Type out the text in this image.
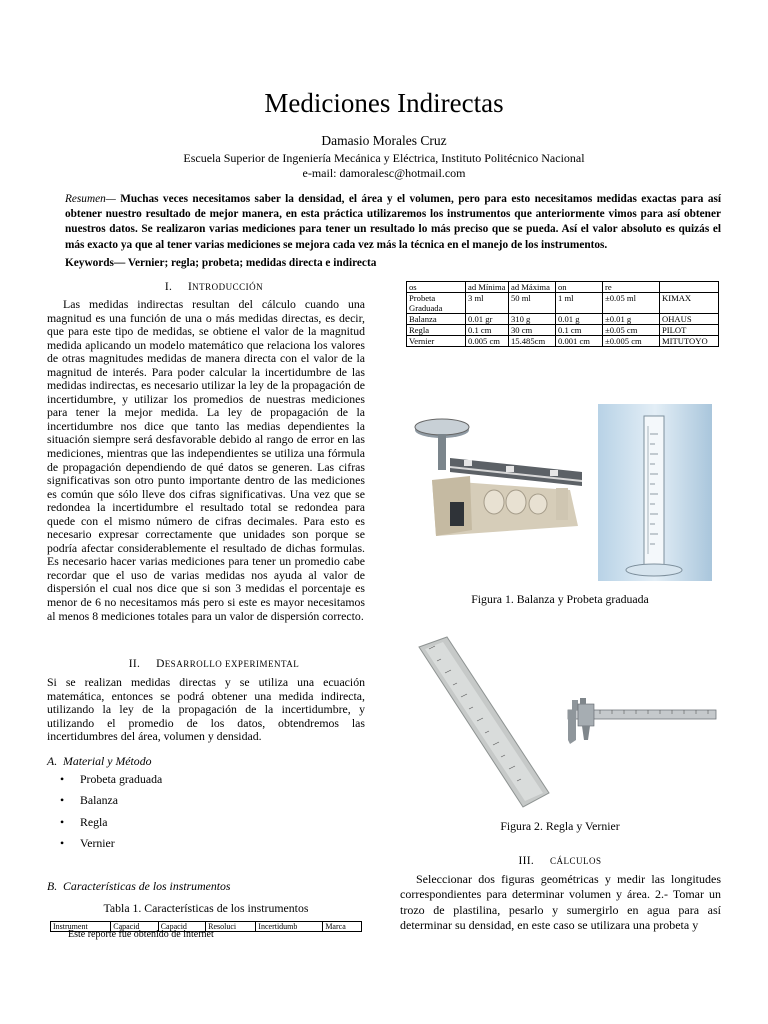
Mediciones Indirectas
Damasio Morales Cruz
Escuela Superior de Ingeniería Mecánica y Eléctrica, Instituto Politécnico Nacional
e-mail: damoralesc@hotmail.com
Resumen— Muchas veces necesitamos saber la densidad, el área y el volumen, pero para esto necesitamos medidas exactas para así obtener nuestro resultado de mejor manera, en esta práctica utilizaremos los instrumentos que anteriormente vimos para así obtener nuestros datos. Se realizaron varias mediciones para tener un resultado lo más preciso que se pueda. Así el valor absoluto es quizás el más exacto ya que al tener varias mediciones se mejora cada vez más la técnica en el manejo de los instrumentos.
Keywords— Vernier; regla; probeta; medidas directa e indirecta
I. INTRODUCCIÓN

Las medidas indirectas resultan del cálculo cuando una magnitud es una función de una o más medidas directas, es decir, que para este tipo de medidas, se obtiene el valor de la magnitud medida aplicando un modelo matemático que relaciona los valores de otras magnitudes medidas de manera directa con el valor de la magnitud de interés. Para poder calcular la incertidumbre de las medidas indirectas, es necesario utilizar la ley de la propagación de incertidumbre, y utilizar los promedios de nuestras mediciones para tener la mejor medida. La ley de propagación de la incertidumbre nos dice que tanto las medias dependientes la situación siempre será desfavorable debido al rango de error en las mediciones, mientras que las independientes se utiliza una fórmula de propagación dependiendo de qué datos se generen. Las cifras significativas son otro punto importante dentro de las mediciones es común que sólo lleve dos cifras significativas. Una vez que se redondea la incertidumbre el resultado total se redondea para quede con el mismo número de cifras decimales. Para esto es necesario expresar correctamente que unidades son porque se podría afectar considerablemente el resultado de dichas formulas. Es necesario hacer varias mediciones para tener un promedio cabe recordar que el uso de varias medidas nos ayuda al valor de dispersión el cual nos dice que si son 3 medidas el porcentaje es menor de 6 no necesitamos más pero si este es mayor necesitamos al menos 8 mediciones totales para un valor de dispersión correcto.

II. DESARROLLO EXPERIMENTAL

Si se realizan medidas directas y se utiliza una ecuación matemática, entonces se podrá obtener una medida indirecta, utilizando la ley de la propagación de la incertidumbre, y utilizando el promedio de los datos, obtendremos las incertidumbres del área, volumen y densidad.

A.  Material y Método
• Probeta graduada
• Balanza
• Regla
• Vernier
B.  Características de los instrumentos
Tabla 1. Características de los instrumentos
Instrument	Capacid	Capacid	Resoluci	Incertidumb	Marca
Este reporte fue obtenido de internet
os	ad Mínima	ad Máxima	on	re	
Probeta Graduada	3 ml	50 ml	1 ml	±0.05 ml	KIMAX
Balanza	0.01 gr	310 g	0.01 g	±0.01 g	OHAUS
Regla	0.1 cm	30 cm	0.1 cm	±0.05 cm	PILOT
Vernier	0.005 cm	15.485cm	0.001 cm	±0.005 cm	MITUTOYO
Figura 1. Balanza y Probeta graduada
Figura 2. Regla y Vernier
III. CÁLCULOS

Seleccionar dos figuras geométricas y medir las longitudes correspondientes para determinar volumen y área. 2.- Tomar un trozo de plastilina, pesarlo y sumergirlo en agua para así determinar su densidad, en este caso se utilizara una probeta y
